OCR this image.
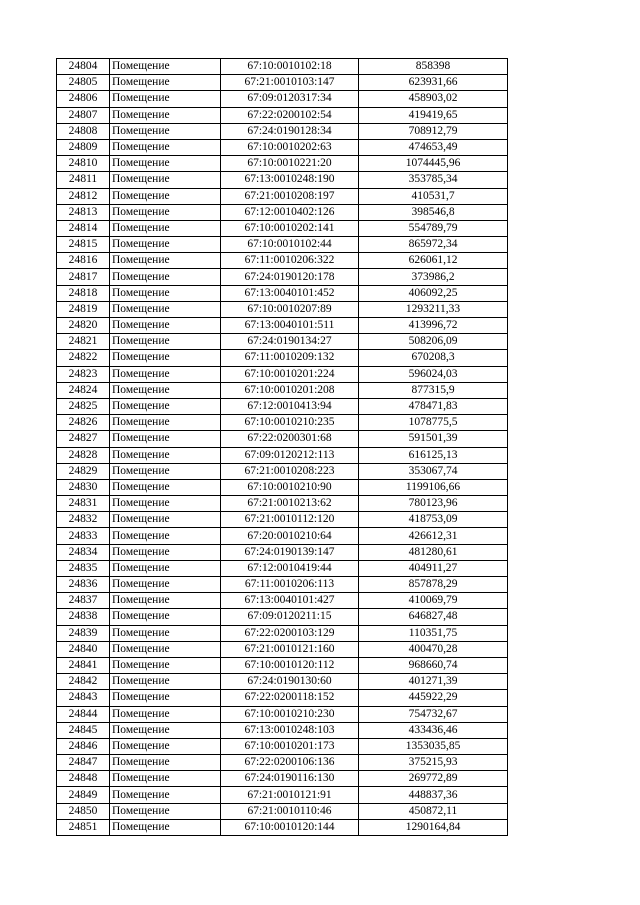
24804	Помещение	67:10:0010102:18	858398
24805	Помещение	67:21:0010103:147	623931,66
24806	Помещение	67:09:0120317:34	458903,02
24807	Помещение	67:22:0200102:54	419419,65
24808	Помещение	67:24:0190128:34	708912,79
24809	Помещение	67:10:0010202:63	474653,49
24810	Помещение	67:10:0010221:20	1074445,96
24811	Помещение	67:13:0010248:190	353785,34
24812	Помещение	67:21:0010208:197	410531,7
24813	Помещение	67:12:0010402:126	398546,8
24814	Помещение	67:10:0010202:141	554789,79
24815	Помещение	67:10:0010102:44	865972,34
24816	Помещение	67:11:0010206:322	626061,12
24817	Помещение	67:24:0190120:178	373986,2
24818	Помещение	67:13:0040101:452	406092,25
24819	Помещение	67:10:0010207:89	1293211,33
24820	Помещение	67:13:0040101:511	413996,72
24821	Помещение	67:24:0190134:27	508206,09
24822	Помещение	67:11:0010209:132	670208,3
24823	Помещение	67:10:0010201:224	596024,03
24824	Помещение	67:10:0010201:208	877315,9
24825	Помещение	67:12:0010413:94	478471,83
24826	Помещение	67:10:0010210:235	1078775,5
24827	Помещение	67:22:0200301:68	591501,39
24828	Помещение	67:09:0120212:113	616125,13
24829	Помещение	67:21:0010208:223	353067,74
24830	Помещение	67:10:0010210:90	1199106,66
24831	Помещение	67:21:0010213:62	780123,96
24832	Помещение	67:21:0010112:120	418753,09
24833	Помещение	67:20:0010210:64	426612,31
24834	Помещение	67:24:0190139:147	481280,61
24835	Помещение	67:12:0010419:44	404911,27
24836	Помещение	67:11:0010206:113	857878,29
24837	Помещение	67:13:0040101:427	410069,79
24838	Помещение	67:09:0120211:15	646827,48
24839	Помещение	67:22:0200103:129	110351,75
24840	Помещение	67:21:0010121:160	400470,28
24841	Помещение	67:10:0010120:112	968660,74
24842	Помещение	67:24:0190130:60	401271,39
24843	Помещение	67:22:0200118:152	445922,29
24844	Помещение	67:10:0010210:230	754732,67
24845	Помещение	67:13:0010248:103	433436,46
24846	Помещение	67:10:0010201:173	1353035,85
24847	Помещение	67:22:0200106:136	375215,93
24848	Помещение	67:24:0190116:130	269772,89
24849	Помещение	67:21:0010121:91	448837,36
24850	Помещение	67:21:0010110:46	450872,11
24851	Помещение	67:10:0010120:144	1290164,84
